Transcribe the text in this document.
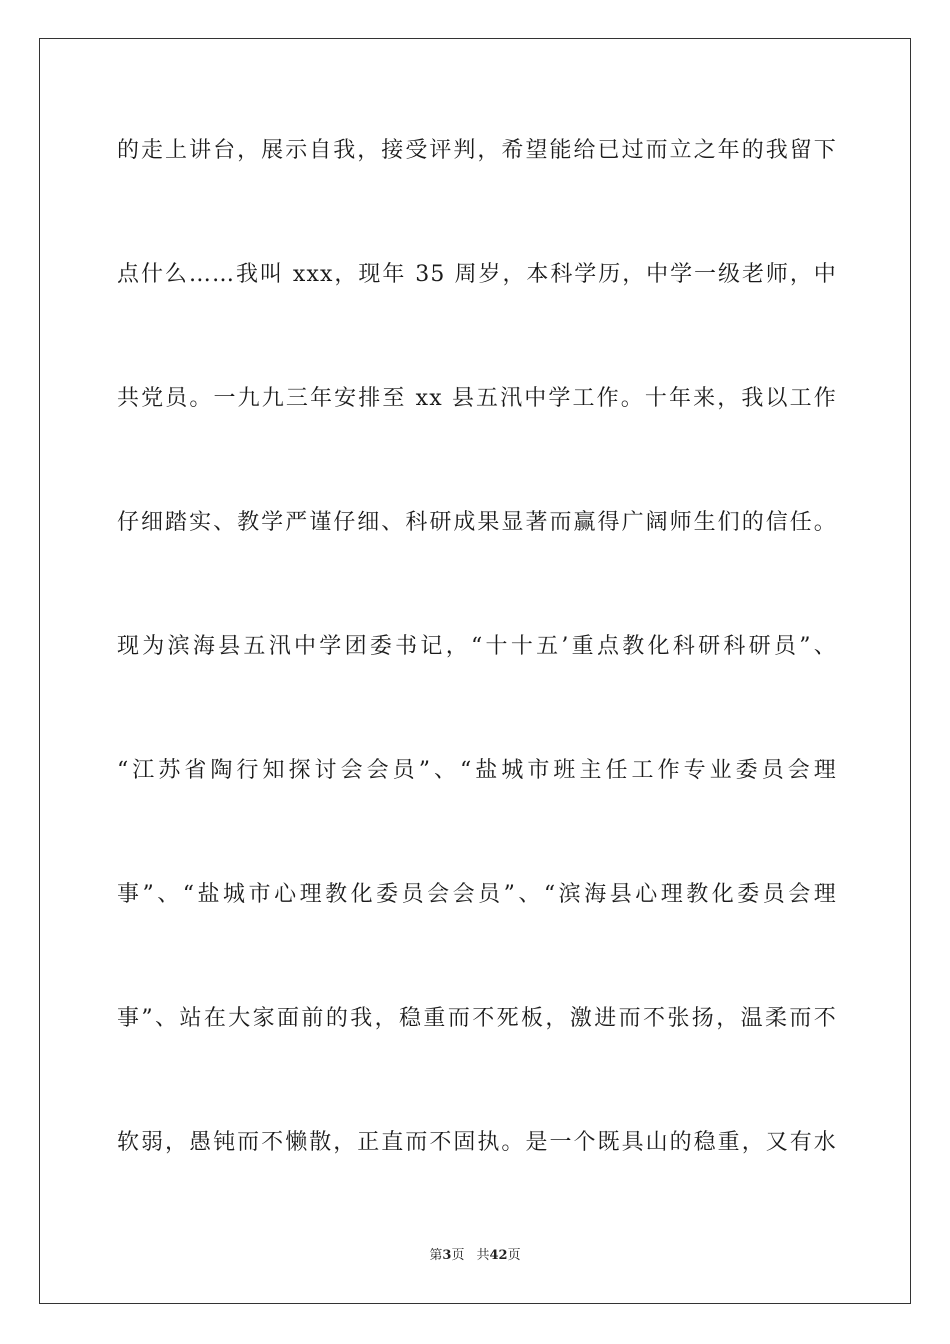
的走上讲台，展示自我，接受评判，希望能给已过而立之年的我留下
点什么……我叫 xxx，现年 35 周岁，本科学历，中学一级老师，中
共党员。一九九三年安排至 xx 县五汛中学工作。十年来，我以工作
仔细踏实、教学严谨仔细、科研成果显著而赢得广阔师生们的信任。
现为滨海县五汛中学团委书记，“十十五’重点教化科研科研员”、
“江苏省陶行知探讨会会员”、“盐城市班主任工作专业委员会理
事”、“盐城市心理教化委员会会员”、“滨海县心理教化委员会理
事”、站在大家面前的我，稳重而不死板，激进而不张扬，温柔而不
软弱，愚钝而不懒散，正直而不固执。是一个既具山的稳重，又有水
第3页 共42页
